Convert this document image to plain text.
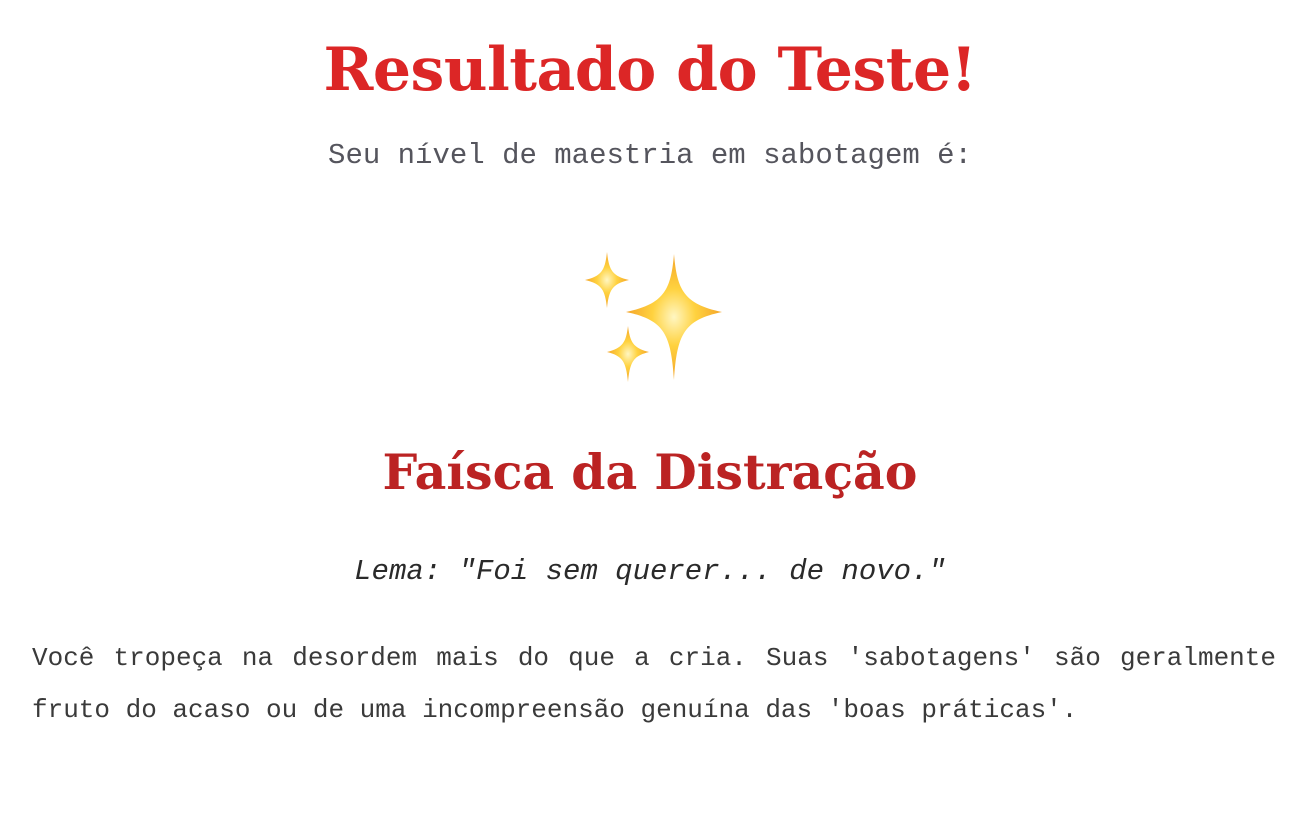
Resultado do Teste!

Seu nível de maestria em sabotagem é:

Faísca da Distração

Lema: "Foi sem querer... de novo."

Você tropeça na desordem mais do que a cria. Suas 'sabotagens' são geralmente fruto do acaso ou de uma incompreensão genuína das 'boas práticas'.
